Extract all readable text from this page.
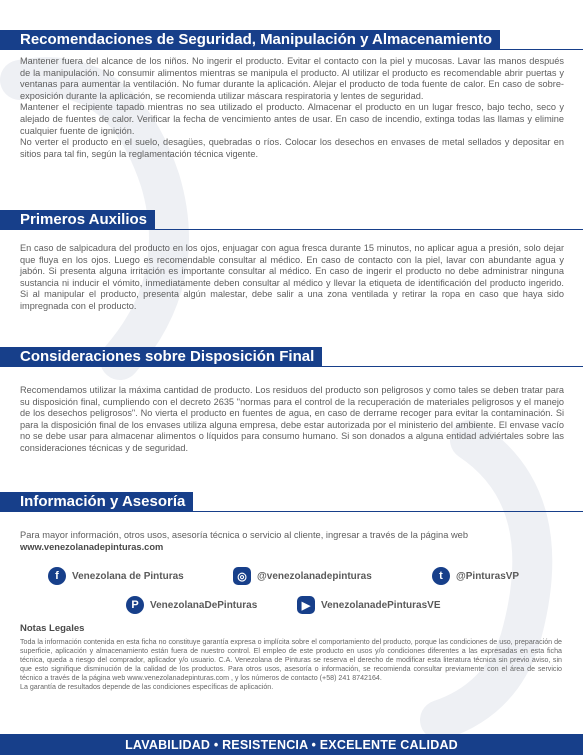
Recomendaciones de Seguridad, Manipulación y Almacenamiento

Mantener fuera del alcance de los niños. No ingerir el producto. Evitar el contacto con la piel y mucosas. Lavar las manos después de la manipulación. No consumir alimentos mientras se manipula el producto. Al utilizar el producto es recomendable abrir puertas y ventanas para aumentar la ventilación. No fumar durante la aplicación. Alejar el producto de toda fuente de calor. En caso de sobre-exposición durante la aplicación, se recomienda utilizar máscara respiratoria y lentes de seguridad.

Mantener el recipiente tapado mientras no sea utilizado el producto. Almacenar el producto en un lugar fresco, bajo techo, seco y alejado de fuentes de calor. Verificar la fecha de vencimiento antes de usar. En caso de incendio, extinga todas las llamas y elimine cualquier fuente de ignición.

No verter el producto en el suelo, desagües, quebradas o ríos. Colocar los desechos en envases de metal sellados y depositar en sitios para tal fin, según la reglamentación técnica vigente.

Primeros Auxilios

En caso de salpicadura del producto en los ojos, enjuagar con agua fresca durante 15 minutos, no aplicar agua a presión, solo dejar que fluya en los ojos. Luego es recomendable consultar al médico. En caso de contacto con la piel, lavar con abundante agua y jabón. Si presenta alguna irritación es importante consultar al médico. En caso de ingerir el producto no debe administrar ninguna sustancia ni inducir el vómito, inmediatamente deben consultar al médico y llevar la etiqueta de identificación del producto ingerido. Si al manipular el producto, presenta algún malestar, debe salir a una zona ventilada y retirar la ropa en caso que haya sido impregnada con el producto.

Consideraciones sobre Disposición Final

Recomendamos utilizar la máxima cantidad de producto. Los residuos del producto son peligrosos y como tales se deben tratar para su disposición final, cumpliendo con el decreto 2635 "normas para el control de la recuperación de materiales peligrosos y el manejo de los desechos peligrosos". No vierta el producto en fuentes de agua, en caso de derrame recoger para evitar la contaminación. Si para la disposición final de los envases utiliza alguna empresa, debe estar autorizada por el ministerio del ambiente. El envase vacío no se debe usar para almacenar alimentos o líquidos para consumo humano. Si son donados a alguna entidad adviértales sobre las consideraciones técnicas y de seguridad.

Información y Asesoría

Para mayor información, otros usos, asesoría técnica o servicio al cliente, ingresar a través de la página web

www.venezolanadepinturas.com

f	Venezolana de Pinturas	◎	@venezolanadepinturas	t	@PinturasVP
P	VenezolanaDePinturas	▶	VenezolanadePinturasVE
Notas Legales

Toda la información contenida en esta ficha no constituye garantía expresa o implícita sobre el comportamiento del producto, porque las condiciones de uso, preparación de superficie, aplicación y almacenamiento están fuera de nuestro control. El empleo de este producto en usos y/o condiciones diferentes a las expresadas en esta ficha técnica, queda a riesgo del comprador, aplicador y/o usuario. C.A. Venezolana de Pinturas se reserva el derecho de modificar esta literatura técnica sin previo aviso, sin que esto signifique disminución de la calidad de los productos. Para otros usos, asesoría o información, se recomienda consultar previamente con el área de servicio técnico a través de la página web www.venezolanadepinturas.com , y los números de contacto (+58) 241 8742164.

La garantía de resultados depende de las condiciones específicas de aplicación.

LAVABILIDAD • RESISTENCIA • EXCELENTE CALIDAD
